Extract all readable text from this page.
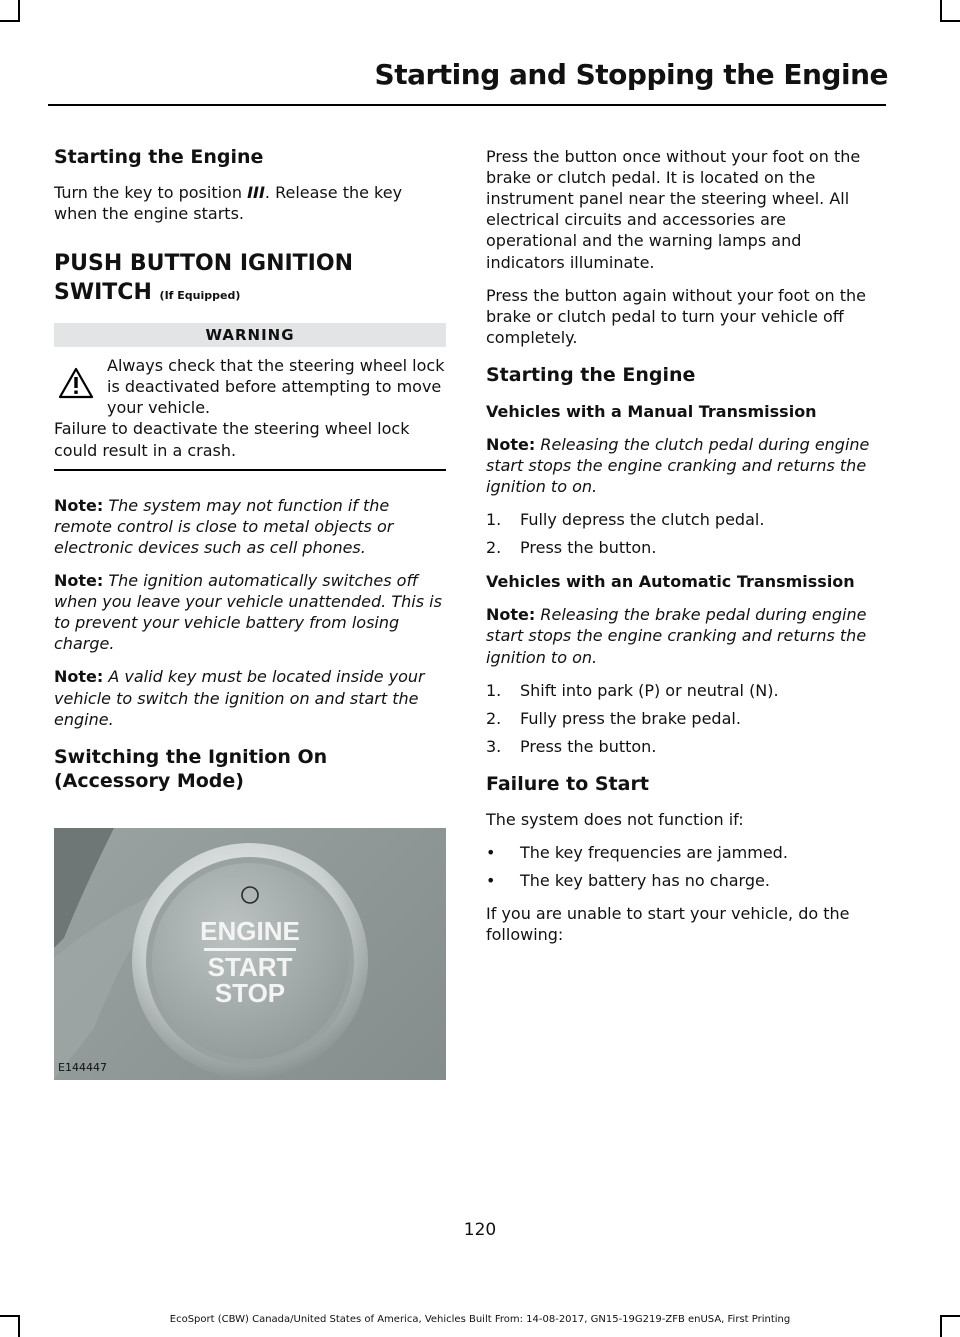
Starting and Stopping the Engine
Starting the Engine

Turn the key to position III. Release the key when the engine starts.

PUSH BUTTON IGNITION SWITCH (If Equipped)
WARNING
Always check that the steering wheel lock is deactivated before attempting to move your vehicle.
Failure to deactivate the steering wheel lock could result in a crash.

Note: The system may not function if the remote control is close to metal objects or electronic devices such as cell phones.

Note: The ignition automatically switches off when you leave your vehicle unattended. This is to prevent your vehicle battery from losing charge.

Note: A valid key must be located inside your vehicle to switch the ignition on and start the engine.

Switching the Ignition On (Accessory Mode)
ENGINE
START
STOP
E144447

Press the button once without your foot on the brake or clutch pedal. It is located on the instrument panel near the steering wheel. All electrical circuits and accessories are operational and the warning lamps and indicators illuminate.

Press the button again without your foot on the brake or clutch pedal to turn your vehicle off completely.

Starting the Engine
Vehicles with a Manual Transmission

Note: Releasing the clutch pedal during engine start stops the engine cranking and returns the ignition to on.

1.	Fully depress the clutch pedal.
2.	Press the button.
Vehicles with an Automatic Transmission

Note: Releasing the brake pedal during engine start stops the engine cranking and returns the ignition to on.

1.	Shift into park (P) or neutral (N).
2.	Fully press the brake pedal.
3.	Press the button.
Failure to Start

The system does not function if:

•	The key frequencies are jammed.
•	The key battery has no charge.

If you are unable to start your vehicle, do the following:

120
EcoSport (CBW) Canada/United States of America, Vehicles Built From: 14-08-2017, GN15-19G219-ZFB enUSA, First Printing
